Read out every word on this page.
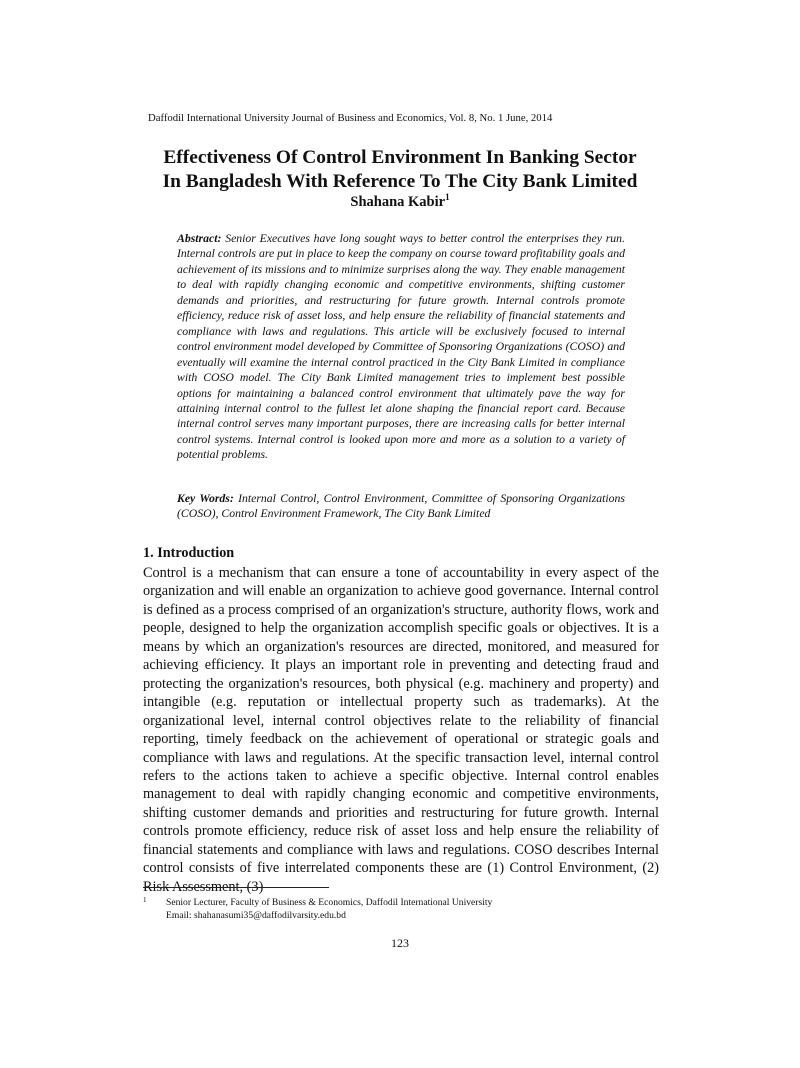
Daffodil International University Journal of Business and Economics, Vol. 8, No. 1 June, 2014
Effectiveness Of Control Environment In Banking Sector
In Bangladesh With Reference To The City Bank Limited
Shahana Kabir$^1$
Abstract: Senior Executives have long sought ways to better control the enterprises they run. Internal controls are put in place to keep the company on course toward profitability goals and achievement of its missions and to minimize surprises along the way. They enable management to deal with rapidly changing economic and competitive environments, shifting customer demands and priorities, and restructuring for future growth. Internal controls promote efficiency, reduce risk of asset loss, and help ensure the reliability of financial statements and compliance with laws and regulations. This article will be exclusively focused to internal control environment model developed by Committee of Sponsoring Organizations (COSO) and eventually will examine the internal control practiced in the City Bank Limited in compliance with COSO model. The City Bank Limited management tries to implement best possible options for maintaining a balanced control environment that ultimately pave the way for attaining internal control to the fullest let alone shaping the financial report card. Because internal control serves many important purposes, there are increasing calls for better internal control systems. Internal control is looked upon more and more as a solution to a variety of potential problems.
Key Words: Internal Control, Control Environment, Committee of Sponsoring Organizations (COSO), Control Environment Framework, The City Bank Limited
1. Introduction
Control is a mechanism that can ensure a tone of accountability in every aspect of the organization and will enable an organization to achieve good governance. Internal control is defined as a process comprised of an organization's structure, authority flows, work and people, designed to help the organization accomplish specific goals or objectives. It is a means by which an organization's resources are directed, monitored, and measured for achieving efficiency. It plays an important role in preventing and detecting fraud and protecting the organization's resources, both physical (e.g. machinery and property) and intangible (e.g. reputation or intellectual property such as trademarks). At the organizational level, internal control objectives relate to the reliability of financial reporting, timely feedback on the achievement of operational or strategic goals and compliance with laws and regulations. At the specific transaction level, internal control refers to the actions taken to achieve a specific objective. Internal control enables management to deal with rapidly changing economic and competitive environments, shifting customer demands and priorities and restructuring for future growth. Internal controls promote efficiency, reduce risk of asset loss and help ensure the reliability of financial statements and compliance with laws and regulations. COSO describes Internal control consists of five interrelated components these are (1) Control Environment, (2) Risk Assessment, (3)
1	Senior Lecturer, Faculty of Business & Economics, Daffodil International University
Email: shahanasumi35@daffodilvarsity.edu.bd
123
